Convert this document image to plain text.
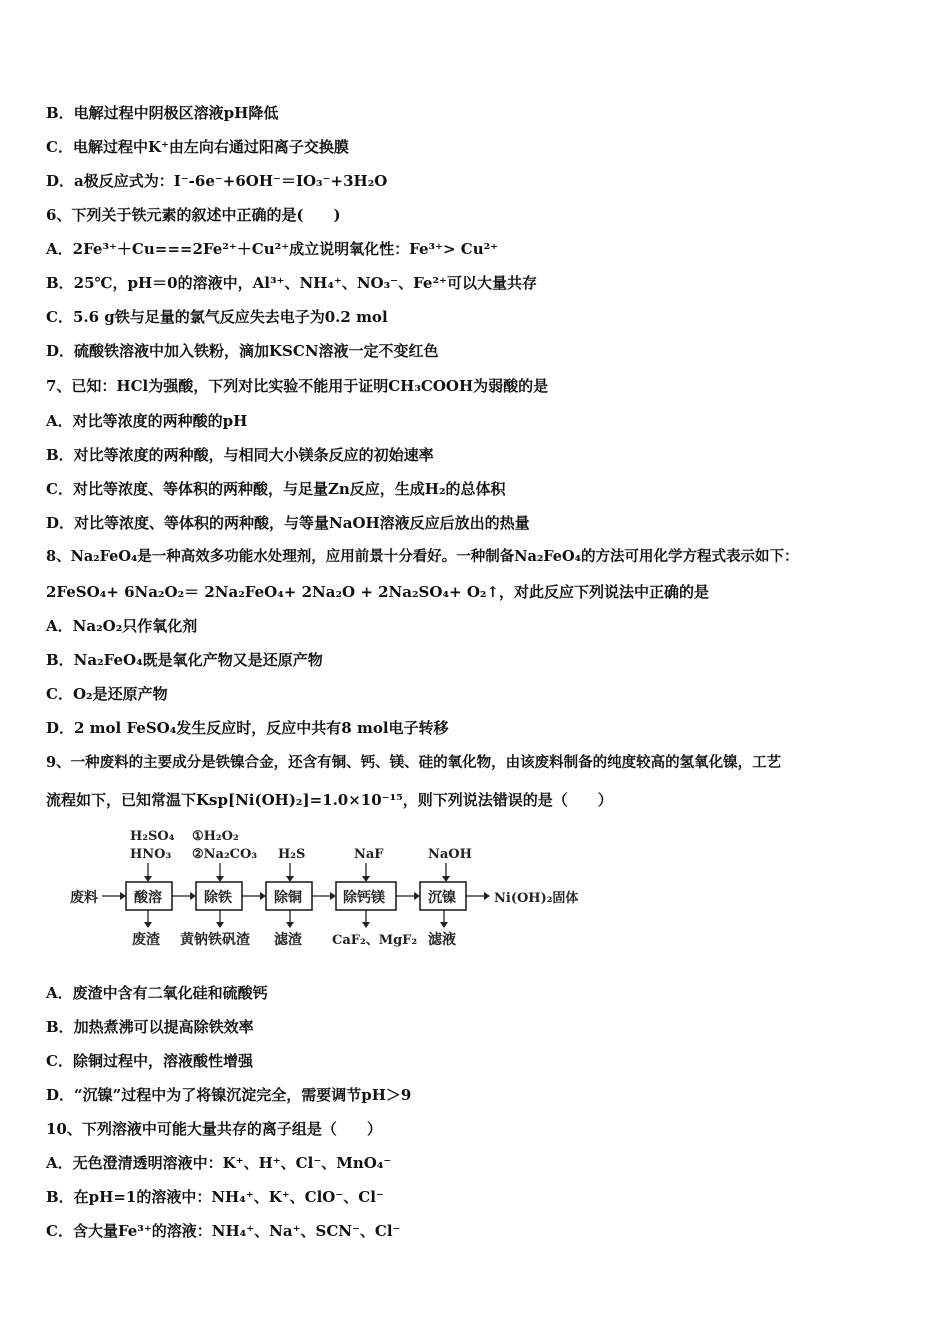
B．电解过程中阴极区溶液pH降低
C．电解过程中K⁺由左向右通过阳离子交换膜
D．a极反应式为：I⁻-6e⁻+6OH⁻＝IO₃⁻+3H₂O
6、下列关于铁元素的叙述中正确的是(　　)
A．2Fe³⁺＋Cu===2Fe²⁺＋Cu²⁺成立说明氧化性：Fe³⁺> Cu²⁺
B．25℃，pH＝0的溶液中，Al³⁺、NH₄⁺、NO₃⁻、Fe²⁺可以大量共存
C．5.6 g铁与足量的氯气反应失去电子为0.2 mol
D．硫酸铁溶液中加入铁粉，滴加KSCN溶液一定不变红色
7、已知：HCl为强酸，下列对比实验不能用于证明CH₃COOH为弱酸的是
A．对比等浓度的两种酸的pH
B．对比等浓度的两种酸，与相同大小镁条反应的初始速率
C．对比等浓度、等体积的两种酸，与足量Zn反应，生成H₂的总体积
D．对比等浓度、等体积的两种酸，与等量NaOH溶液反应后放出的热量
8、Na₂FeO₄是一种高效多功能水处理剂，应用前景十分看好。一种制备Na₂FeO₄的方法可用化学方程式表示如下：
2FeSO₄+ 6Na₂O₂＝ 2Na₂FeO₄+ 2Na₂O + 2Na₂SO₄+ O₂↑，对此反应下列说法中正确的是
A．Na₂O₂只作氧化剂
B．Na₂FeO₄既是氧化产物又是还原产物
C．O₂是还原产物
D．2 mol FeSO₄发生反应时，反应中共有8 mol电子转移
9、一种废料的主要成分是铁镍合金，还含有铜、钙、镁、硅的氧化物，由该废料制备的纯度较高的氢氧化镍，工艺
流程如下，已知常温下Ksp[Ni(OH)₂]=1.0×10⁻¹⁵，则下列说法错误的是（　　）
H₂SO₄
HNO₃
①H₂O₂
②Na₂CO₃ H₂S	NaF	NaOH
废料	酸溶	除铁	除铜	除钙镁	沉镍	Ni(OH)₂固体
废渣 黄钠铁矾渣 滤渣 CaF₂、MgF₂ 滤液
A．废渣中含有二氧化硅和硫酸钙
B．加热煮沸可以提高除铁效率
C．除铜过程中，溶液酸性增强
D．“沉镍”过程中为了将镍沉淀完全，需要调节pH＞9
10、下列溶液中可能大量共存的离子组是（　　）
A．无色澄清透明溶液中：K⁺、H⁺、Cl⁻、MnO₄⁻
B．在pH=1的溶液中：NH₄⁺、K⁺、ClO⁻、Cl⁻
C．含大量Fe³⁺的溶液：NH₄⁺、Na⁺、SCN⁻、Cl⁻
